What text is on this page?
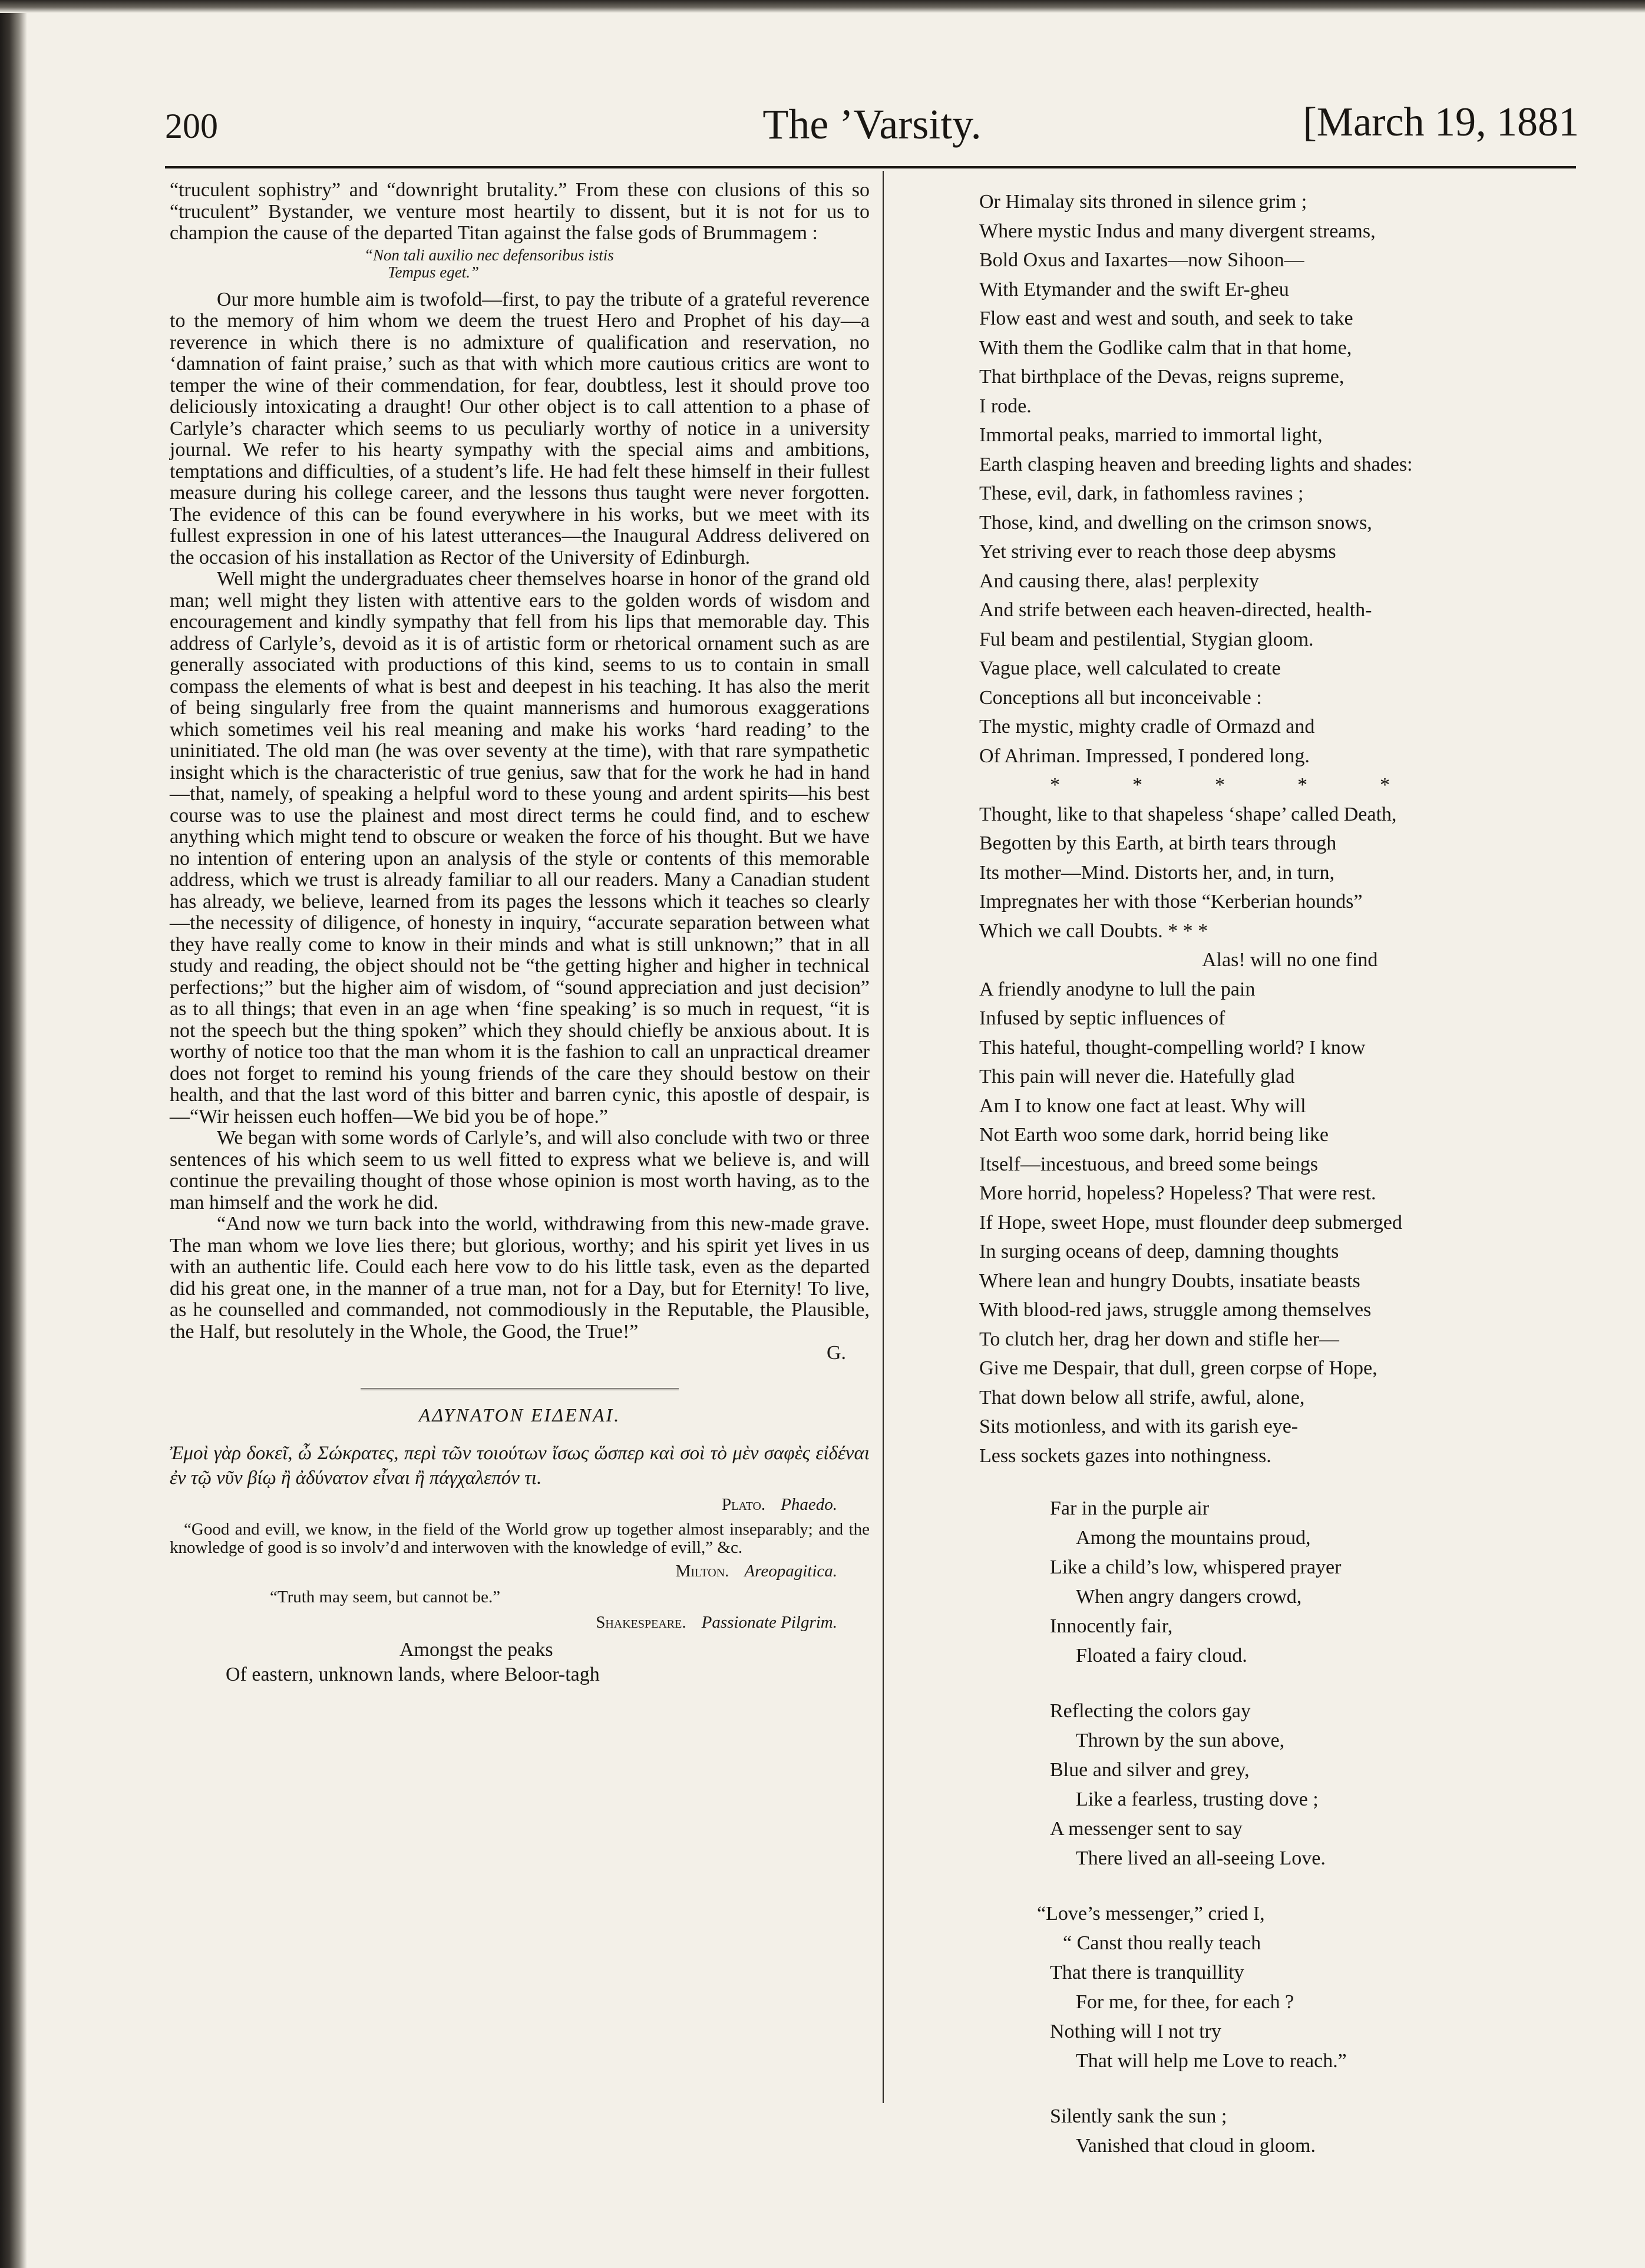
200	The ’Varsity.	[March 19, 1881

“truculent sophistry” and “downright brutality.” From these con clusions of this so “truculent” Bystander, we venture most heartily to dissent, but it is not for us to champion the cause of the departed Titan against the false gods of Brummagem :

“Non tali auxilio nec defensoribus istis
Tempus eget.”

Our more humble aim is twofold—first, to pay the tribute of a grateful reverence to the memory of him whom we deem the truest Hero and Prophet of his day—a reverence in which there is no admixture of qualification and reservation, no ‘damnation of faint praise,’ such as that with which more cautious critics are wont to temper the wine of their commendation, for fear, doubtless, lest it should prove too deliciously intoxicating a draught! Our other object is to call attention to a phase of Carlyle’s character which seems to us peculiarly worthy of notice in a university journal. We refer to his hearty sympathy with the special aims and ambitions, temptations and difficulties, of a student’s life. He had felt these himself in their fullest measure during his college career, and the lessons thus taught were never forgotten. The evidence of this can be found everywhere in his works, but we meet with its fullest expression in one of his latest utterances—the Inaugural Address delivered on the occasion of his installation as Rector of the University of Edinburgh.

Well might the undergraduates cheer themselves hoarse in honor of the grand old man; well might they listen with attentive ears to the golden words of wisdom and encouragement and kindly sympathy that fell from his lips that memorable day. This address of Carlyle’s, devoid as it is of artistic form or rhetorical ornament such as are generally associated with productions of this kind, seems to us to contain in small compass the elements of what is best and deepest in his teaching. It has also the merit of being singularly free from the quaint mannerisms and humorous exaggerations which sometimes veil his real meaning and make his works ‘hard reading’ to the uninitiated. The old man (he was over seventy at the time), with that rare sympathetic insight which is the characteristic of true genius, saw that for the work he had in hand—that, namely, of speaking a helpful word to these young and ardent spirits—his best course was to use the plainest and most direct terms he could find, and to eschew anything which might tend to obscure or weaken the force of his thought. But we have no intention of entering upon an analysis of the style or contents of this memorable address, which we trust is already familiar to all our readers. Many a Canadian student has already, we believe, learned from its pages the lessons which it teaches so clearly—the necessity of diligence, of honesty in inquiry, “accurate separation between what they have really come to know in their minds and what is still unknown;” that in all study and reading, the object should not be “the getting higher and higher in technical perfections;” but the higher aim of wisdom, of “sound appreciation and just decision” as to all things; that even in an age when ‘fine speaking’ is so much in request, “it is not the speech but the thing spoken” which they should chiefly be anxious about. It is worthy of notice too that the man whom it is the fashion to call an unpractical dreamer does not forget to remind his young friends of the care they should bestow on their health, and that the last word of this bitter and barren cynic, this apostle of despair, is—“Wir heissen euch hoffen—We bid you be of hope.”

We began with some words of Carlyle’s, and will also conclude with two or three sentences of his which seem to us well fitted to express what we believe is, and will continue the prevailing thought of those whose opinion is most worth having, as to the man himself and the work he did.

“And now we turn back into the world, withdrawing from this new-made grave. The man whom we love lies there; but glorious, worthy; and his spirit yet lives in us with an authentic life. Could each here vow to do his little task, even as the departed did his great one, in the manner of a true man, not for a Day, but for Eternity! To live, as he counselled and commanded, not commodiously in the Reputable, the Plausible, the Half, but resolutely in the Whole, the Good, the True!”

G.
ΑΔΥΝΑΤΟΝ ΕΙΔΕΝΑΙ.
Ἐμοὶ γὰρ δοκεῖ, ὦ Σώκρατες, περὶ τῶν τοιούτων ἴσως ὥσπερ καὶ σοὶ τὸ μὲν σαφὲς εἰδέναι ἐν τῷ νῦν βίῳ ἢ ἀδύνατον εἶναι ἢ πάγχαλεπόν τι.
Plato. Phaedo.
“Good and evill, we know, in the field of the World grow up together almost inseparably; and the knowledge of good is so involv’d and interwoven with the knowledge of evill,” &c.
Milton. Areopagitica.
“Truth may seem, but cannot be.”
Shakespeare. Passionate Pilgrim.
Amongst the peaks
Of eastern, unknown lands, where Beloor-tagh
Or Himalay sits throned in silence grim ;
Where mystic Indus and many divergent streams,
Bold Oxus and Iaxartes—now Sihoon—
With Etymander and the swift Er-gheu
Flow east and west and south, and seek to take
With them the Godlike calm that in that home,
That birthplace of the Devas, reigns supreme,
I rode.
Immortal peaks, married to immortal light,
Earth clasping heaven and breeding lights and shades:
These, evil, dark, in fathomless ravines ;
Those, kind, and dwelling on the crimson snows,
Yet striving ever to reach those deep abysms
And causing there, alas! perplexity
And strife between each heaven-directed, health-
Ful beam and pestilential, Stygian gloom.
Vague place, well calculated to create
Conceptions all but inconceivable :
The mystic, mighty cradle of Ormazd and
Of Ahriman. Impressed, I pondered long.
*	*	*	*	*
Thought, like to that shapeless ‘shape’ called Death,
Begotten by this Earth, at birth tears through
Its mother—Mind. Distorts her, and, in turn,
Impregnates her with those “Kerberian hounds”
Which we call Doubts. * * *
Alas! will no one find
A friendly anodyne to lull the pain
Infused by septic influences of
This hateful, thought-compelling world? I know
This pain will never die. Hatefully glad
Am I to know one fact at least. Why will
Not Earth woo some dark, horrid being like
Itself—incestuous, and breed some beings
More horrid, hopeless? Hopeless? That were rest.
If Hope, sweet Hope, must flounder deep submerged
In surging oceans of deep, damning thoughts
Where lean and hungry Doubts, insatiate beasts
With blood-red jaws, struggle among themselves
To clutch her, drag her down and stifle her—
Give me Despair, that dull, green corpse of Hope,
That down below all strife, awful, alone,
Sits motionless, and with its garish eye-
Less sockets gazes into nothingness.
Far in the purple air
Among the mountains proud,
Like a child’s low, whispered prayer
When angry dangers crowd,
Innocently fair,
Floated a fairy cloud.
Reflecting the colors gay
Thrown by the sun above,
Blue and silver and grey,
Like a fearless, trusting dove ;
A messenger sent to say
There lived an all-seeing Love.
“Love’s messenger,” cried I,
“ Canst thou really teach
That there is tranquillity
For me, for thee, for each ?
Nothing will I not try
That will help me Love to reach.”
Silently sank the sun ;
Vanished that cloud in gloom.
